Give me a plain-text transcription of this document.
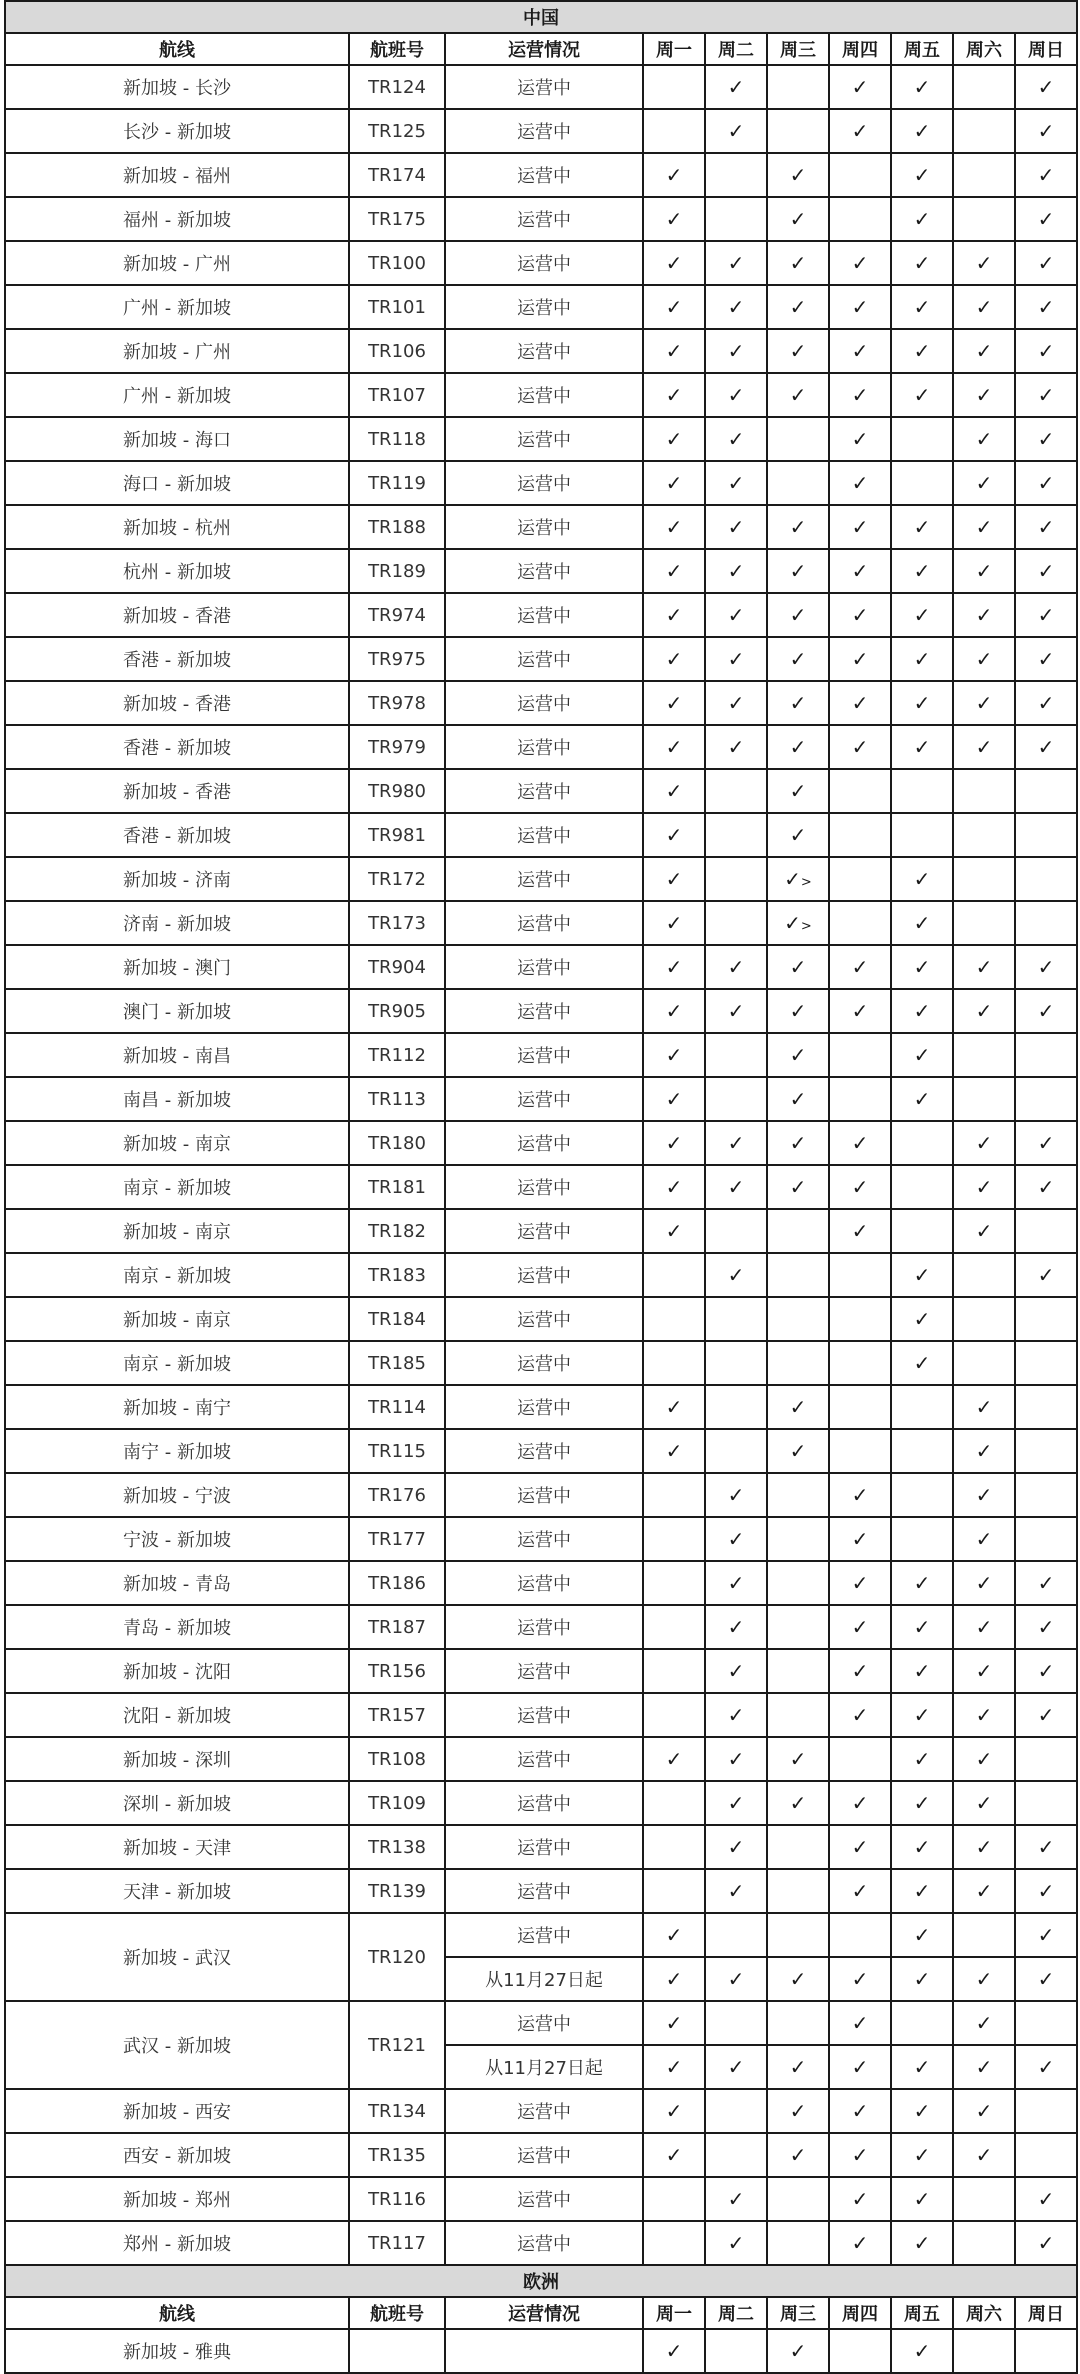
中国									
航线	航班号	运营情况	周一	周二	周三	周四	周五	周六	周日
新加坡 - 长沙	TR124	运营中		✓		✓	✓		✓
长沙 - 新加坡	TR125	运营中		✓		✓	✓		✓
新加坡 - 福州	TR174	运营中	✓		✓		✓		✓
福州 - 新加坡	TR175	运营中	✓		✓		✓		✓
新加坡 - 广州	TR100	运营中	✓	✓	✓	✓	✓	✓	✓
广州 - 新加坡	TR101	运营中	✓	✓	✓	✓	✓	✓	✓
新加坡 - 广州	TR106	运营中	✓	✓	✓	✓	✓	✓	✓
广州 - 新加坡	TR107	运营中	✓	✓	✓	✓	✓	✓	✓
新加坡 - 海口	TR118	运营中	✓	✓		✓		✓	✓
海口 - 新加坡	TR119	运营中	✓	✓		✓		✓	✓
新加坡 - 杭州	TR188	运营中	✓	✓	✓	✓	✓	✓	✓
杭州 - 新加坡	TR189	运营中	✓	✓	✓	✓	✓	✓	✓
新加坡 - 香港	TR974	运营中	✓	✓	✓	✓	✓	✓	✓
香港 - 新加坡	TR975	运营中	✓	✓	✓	✓	✓	✓	✓
新加坡 - 香港	TR978	运营中	✓	✓	✓	✓	✓	✓	✓
香港 - 新加坡	TR979	运营中	✓	✓	✓	✓	✓	✓	✓
新加坡 - 香港	TR980	运营中	✓		✓				
香港 - 新加坡	TR981	运营中	✓		✓				
新加坡 - 济南	TR172	运营中	✓		✓>		✓		
济南 - 新加坡	TR173	运营中	✓		✓>		✓		
新加坡 - 澳门	TR904	运营中	✓	✓	✓	✓	✓	✓	✓
澳门 - 新加坡	TR905	运营中	✓	✓	✓	✓	✓	✓	✓
新加坡 - 南昌	TR112	运营中	✓		✓		✓		
南昌 - 新加坡	TR113	运营中	✓		✓		✓		
新加坡 - 南京	TR180	运营中	✓	✓	✓	✓		✓	✓
南京 - 新加坡	TR181	运营中	✓	✓	✓	✓		✓	✓
新加坡 - 南京	TR182	运营中	✓			✓		✓	
南京 - 新加坡	TR183	运营中		✓			✓		✓
新加坡 - 南京	TR184	运营中					✓		
南京 - 新加坡	TR185	运营中					✓		
新加坡 - 南宁	TR114	运营中	✓		✓			✓	
南宁 - 新加坡	TR115	运营中	✓		✓			✓	
新加坡 - 宁波	TR176	运营中		✓		✓		✓	
宁波 - 新加坡	TR177	运营中		✓		✓		✓	
新加坡 - 青岛	TR186	运营中		✓		✓	✓	✓	✓
青岛 - 新加坡	TR187	运营中		✓		✓	✓	✓	✓
新加坡 - 沈阳	TR156	运营中		✓		✓	✓	✓	✓
沈阳 - 新加坡	TR157	运营中		✓		✓	✓	✓	✓
新加坡 - 深圳	TR108	运营中	✓	✓	✓		✓	✓	
深圳 - 新加坡	TR109	运营中		✓	✓	✓	✓	✓	
新加坡 - 天津	TR138	运营中		✓		✓	✓	✓	✓
天津 - 新加坡	TR139	运营中		✓		✓	✓	✓	✓
新加坡 - 武汉	TR120	运营中	✓				✓		✓
		从11月27日起	✓	✓	✓	✓	✓	✓	✓
武汉 - 新加坡	TR121	运营中	✓			✓		✓	
		从11月27日起	✓	✓	✓	✓	✓	✓	✓
新加坡 - 西安	TR134	运营中	✓		✓	✓	✓	✓	
西安 - 新加坡	TR135	运营中	✓		✓	✓	✓	✓	
新加坡 - 郑州	TR116	运营中		✓		✓	✓		✓
郑州 - 新加坡	TR117	运营中		✓		✓	✓		✓
欧洲									
航线	航班号	运营情况	周一	周二	周三	周四	周五	周六	周日
新加坡 - 雅典			✓		✓		✓		
